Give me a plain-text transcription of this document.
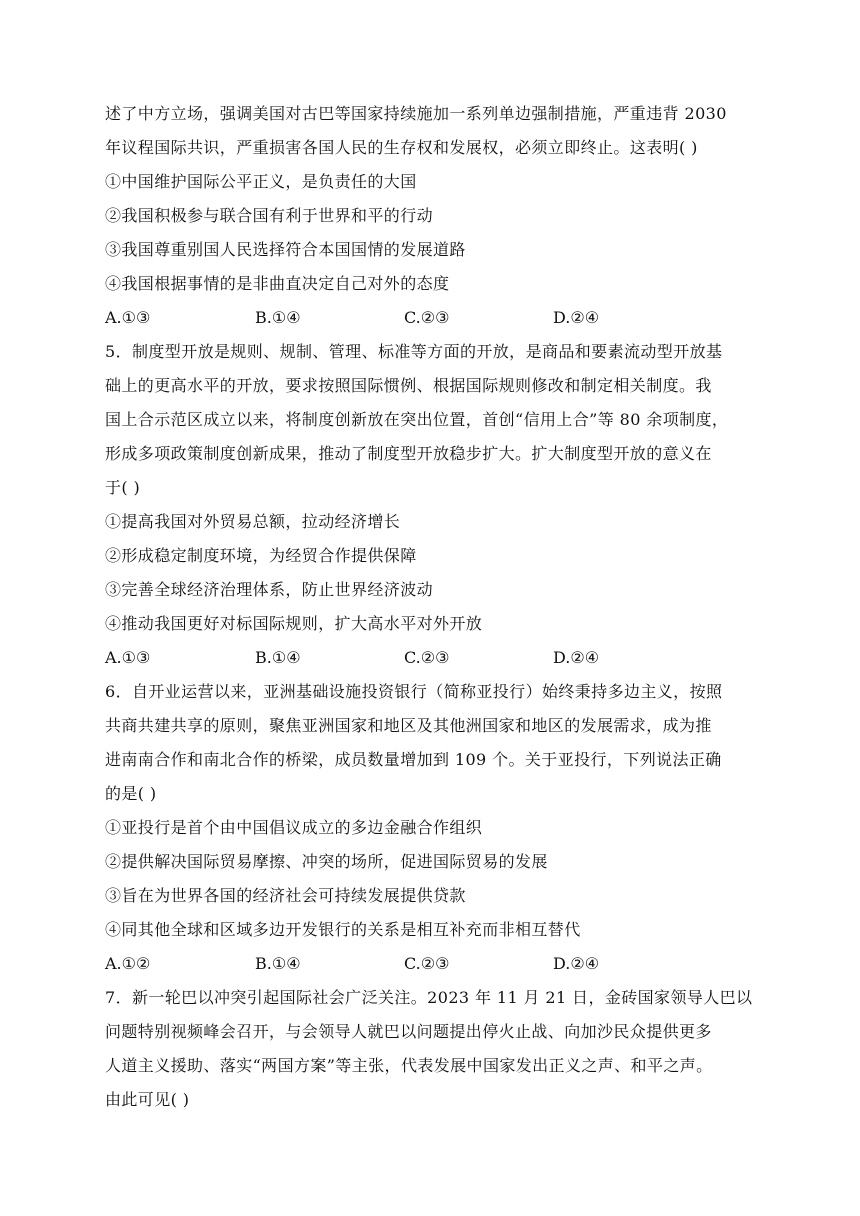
述了中方立场，强调美国对古巴等国家持续施加一系列单边强制措施，严重违背 2030
年议程国际共识，严重损害各国人民的生存权和发展权，必须立即终止。这表明( )
①中国维护国际公平正义，是负责任的大国
②我国积极参与联合国有利于世界和平的行动
③我国尊重别国人民选择符合本国国情的发展道路
④我国根据事情的是非曲直决定自己对外的态度
A.①③	B.①④	C.②③	D.②④
5．制度型开放是规则、规制、管理、标准等方面的开放，是商品和要素流动型开放基
础上的更高水平的开放，要求按照国际惯例、根据国际规则修改和制定相关制度。我
国上合示范区成立以来，将制度创新放在突出位置，首创“信用上合”等 80 余项制度，
形成多项政策制度创新成果，推动了制度型开放稳步扩大。扩大制度型开放的意义在
于( )
①提高我国对外贸易总额，拉动经济增长
②形成稳定制度环境，为经贸合作提供保障
③完善全球经济治理体系，防止世界经济波动
④推动我国更好对标国际规则，扩大高水平对外开放
A.①③	B.①④	C.②③	D.②④
6．自开业运营以来，亚洲基础设施投资银行（简称亚投行）始终秉持多边主义，按照
共商共建共享的原则，聚焦亚洲国家和地区及其他洲国家和地区的发展需求，成为推
进南南合作和南北合作的桥梁，成员数量增加到 109 个。关于亚投行，下列说法正确
的是( )
①亚投行是首个由中国倡议成立的多边金融合作组织
②提供解决国际贸易摩擦、冲突的场所，促进国际贸易的发展
③旨在为世界各国的经济社会可持续发展提供贷款
④同其他全球和区域多边开发银行的关系是相互补充而非相互替代
A.①②	B.①④	C.②③	D.②④
7．新一轮巴以冲突引起国际社会广泛关注。2023 年 11 月 21 日，金砖国家领导人巴以
问题特别视频峰会召开，与会领导人就巴以问题提出停火止战、向加沙民众提供更多
人道主义援助、落实“两国方案”等主张，代表发展中国家发出正义之声、和平之声。
由此可见( )
